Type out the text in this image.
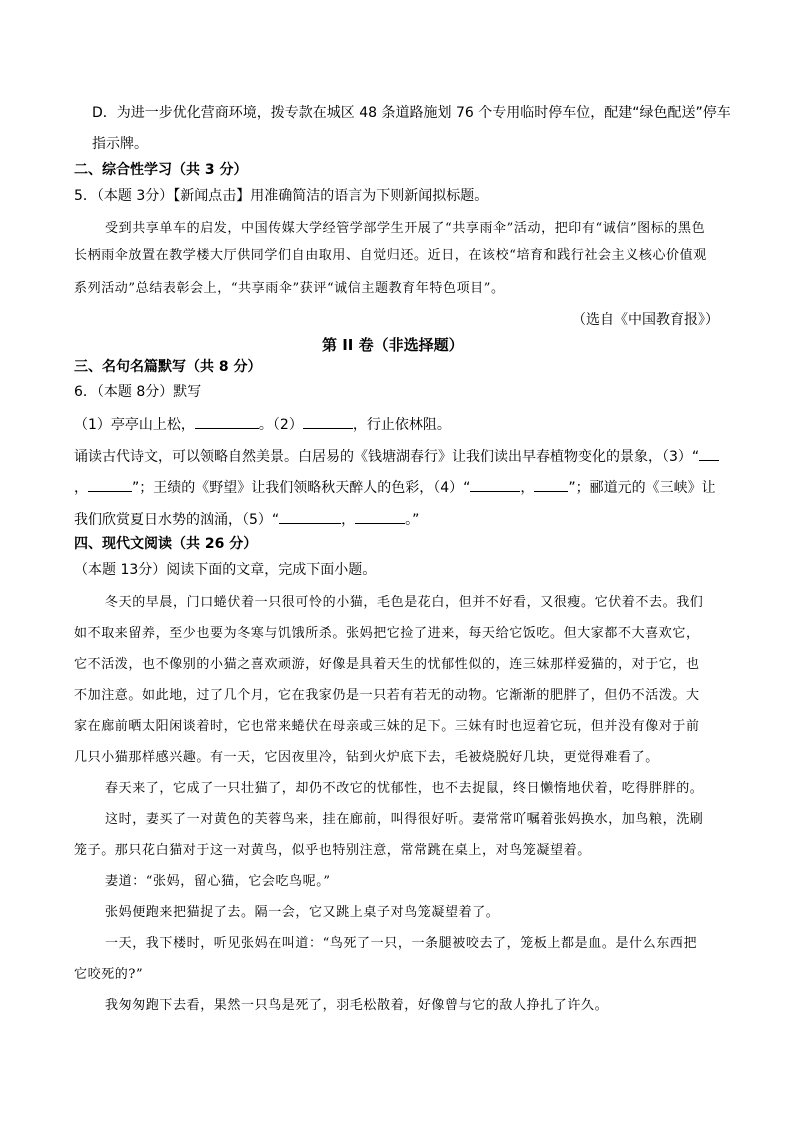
D．为进一步优化营商环境，拨专款在城区 48 条道路施划 76 个专用临时停车位，配建“绿色配送”停车
指示牌。
二、综合性学习（共 3 分）
5．（本题 3分）【新闻点击】用准确简洁的语言为下则新闻拟标题。
受到共享单车的启发，中国传媒大学经管学部学生开展了“共享雨伞”活动，把印有“诚信”图标的黑色
长柄雨伞放置在教学楼大厅供同学们自由取用、自觉归还。近日，在该校“培育和践行社会主义核心价值观
系列活动”总结表彰会上，“共享雨伞”获评“诚信主题教育年特色项目”。
（选自《中国教育报》）
第 II 卷（非选择题）
三、名句名篇默写（共 8 分）
6．（本题 8分）默写
（1）亭亭山上松，	。（2）	，行止依林阻。
诵读古代诗文，可以领略自然美景。白居易的《钱塘湖春行》让我们读出早春植物变化的景象，（3）“
，	”；王绩的《野望》让我们领略秋天醉人的色彩，（4）“	， ”；郦道元的《三峡》让
我们欣赏夏日水势的汹涌，（5）“	，	。”
四、现代文阅读（共 26 分）
（本题 13分）阅读下面的文章，完成下面小题。
冬天的早晨，门口蜷伏着一只很可怜的小猫，毛色是花白，但并不好看，又很瘦。它伏着不去。我们
如不取来留养，至少也要为冬寒与饥饿所杀。张妈把它捡了进来，每天给它饭吃。但大家都不大喜欢它，
它不活泼，也不像别的小猫之喜欢顽游，好像是具着天生的忧郁性似的，连三妹那样爱猫的，对于它，也
不加注意。如此地，过了几个月，它在我家仍是一只若有若无的动物。它渐渐的肥胖了，但仍不活泼。大
家在廊前晒太阳闲谈着时，它也常来蜷伏在母亲或三妹的足下。三妹有时也逗着它玩，但并没有像对于前
几只小猫那样感兴趣。有一天，它因夜里冷，钻到火炉底下去，毛被烧脱好几块，更觉得难看了。
春天来了，它成了一只壮猫了，却仍不改它的忧郁性，也不去捉鼠，终日懒惰地伏着，吃得胖胖的。
这时，妻买了一对黄色的芙蓉鸟来，挂在廊前，叫得很好听。妻常常吖嘱着张妈换水，加鸟粮，洗刷
笼子。那只花白猫对于这一对黄鸟，似乎也特别注意，常常跳在桌上，对鸟笼凝望着。
妻道：“张妈，留心猫，它会吃鸟呢。”
张妈便跑来把猫捉了去。隔一会，它又跳上桌子对鸟笼凝望着了。
一天，我下楼时，听见张妈在叫道：“鸟死了一只，一条腿被咬去了，笼板上都是血。是什么东西把
它咬死的?”
我匆匆跑下去看，果然一只鸟是死了，羽毛松散着，好像曾与它的敌人挣扎了许久。
